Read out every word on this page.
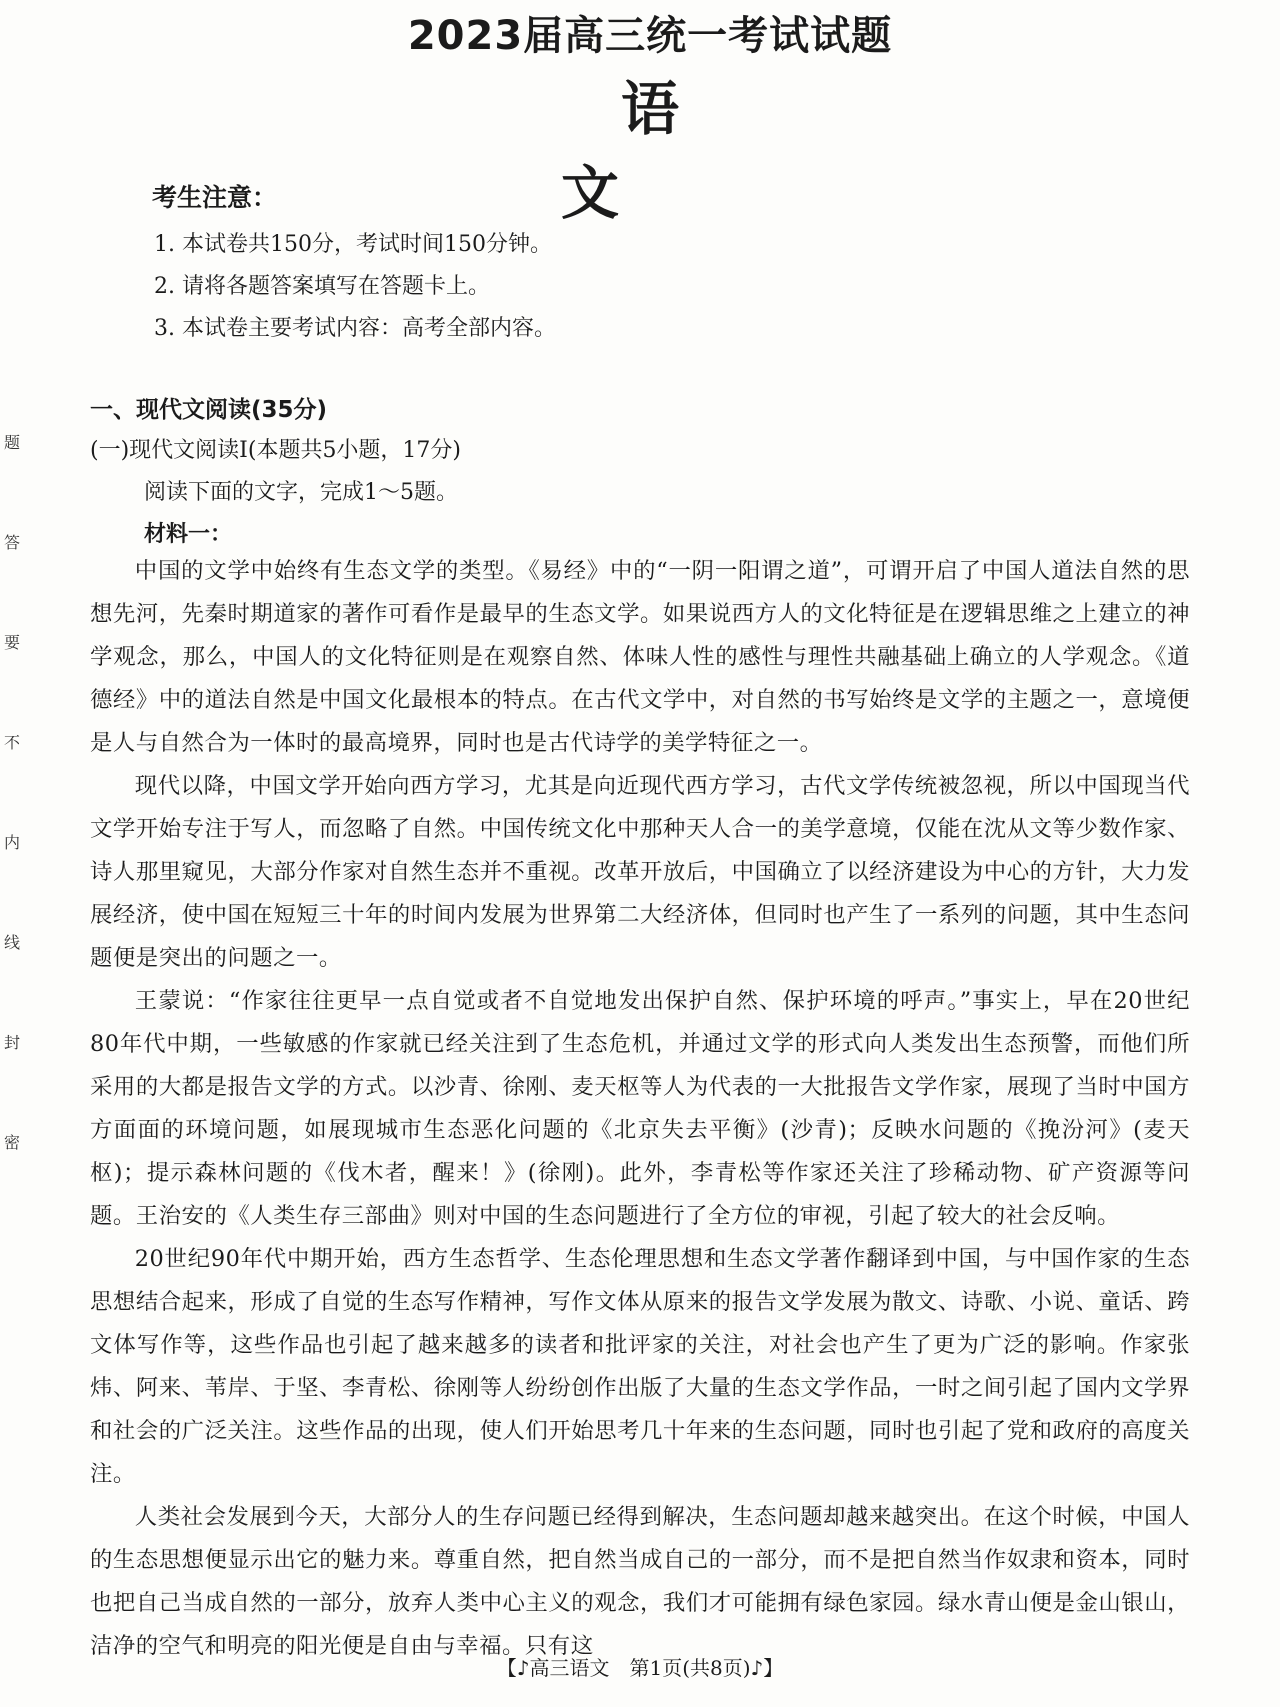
题
答
要
不
内
线
封
密
2023届高三统一考试试题
语文
考生注意：
1. 本试卷共150分，考试时间150分钟。
2. 请将各题答案填写在答题卡上。
3. 本试卷主要考试内容：高考全部内容。
一、现代文阅读(35分)
(一)现代文阅读Ⅰ(本题共5小题，17分)
阅读下面的文字，完成1～5题。
材料一：

中国的文学中始终有生态文学的类型。《易经》中的“一阴一阳谓之道”，可谓开启了中国人道法自然的思想先河，先秦时期道家的著作可看作是最早的生态文学。如果说西方人的文化特征是在逻辑思维之上建立的神学观念，那么，中国人的文化特征则是在观察自然、体味人性的感性与理性共融基础上确立的人学观念。《道德经》中的道法自然是中国文化最根本的特点。在古代文学中，对自然的书写始终是文学的主题之一，意境便是人与自然合为一体时的最高境界，同时也是古代诗学的美学特征之一。

现代以降，中国文学开始向西方学习，尤其是向近现代西方学习，古代文学传统被忽视，所以中国现当代文学开始专注于写人，而忽略了自然。中国传统文化中那种天人合一的美学意境，仅能在沈从文等少数作家、诗人那里窥见，大部分作家对自然生态并不重视。改革开放后，中国确立了以经济建设为中心的方针，大力发展经济，使中国在短短三十年的时间内发展为世界第二大经济体，但同时也产生了一系列的问题，其中生态问题便是突出的问题之一。

王蒙说：“作家往往更早一点自觉或者不自觉地发出保护自然、保护环境的呼声。”事实上，早在20世纪80年代中期，一些敏感的作家就已经关注到了生态危机，并通过文学的形式向人类发出生态预警，而他们所采用的大都是报告文学的方式。以沙青、徐刚、麦天枢等人为代表的一大批报告文学作家，展现了当时中国方方面面的环境问题，如展现城市生态恶化问题的《北京失去平衡》(沙青)；反映水问题的《挽汾河》(麦天枢)；提示森林问题的《伐木者，醒来！》(徐刚)。此外，李青松等作家还关注了珍稀动物、矿产资源等问题。王治安的《人类生存三部曲》则对中国的生态问题进行了全方位的审视，引起了较大的社会反响。

20世纪90年代中期开始，西方生态哲学、生态伦理思想和生态文学著作翻译到中国，与中国作家的生态思想结合起来，形成了自觉的生态写作精神，写作文体从原来的报告文学发展为散文、诗歌、小说、童话、跨文体写作等，这些作品也引起了越来越多的读者和批评家的关注，对社会也产生了更为广泛的影响。作家张炜、阿来、苇岸、于坚、李青松、徐刚等人纷纷创作出版了大量的生态文学作品，一时之间引起了国内文学界和社会的广泛关注。这些作品的出现，使人们开始思考几十年来的生态问题，同时也引起了党和政府的高度关注。

人类社会发展到今天，大部分人的生存问题已经得到解决，生态问题却越来越突出。在这个时候，中国人的生态思想便显示出它的魅力来。尊重自然，把自然当成自己的一部分，而不是把自然当作奴隶和资本，同时也把自己当成自然的一部分，放弃人类中心主义的观念，我们才可能拥有绿色家园。绿水青山便是金山银山，洁净的空气和明亮的阳光便是自由与幸福。只有这

【♪高三语文　第1页(共8页)♪】
